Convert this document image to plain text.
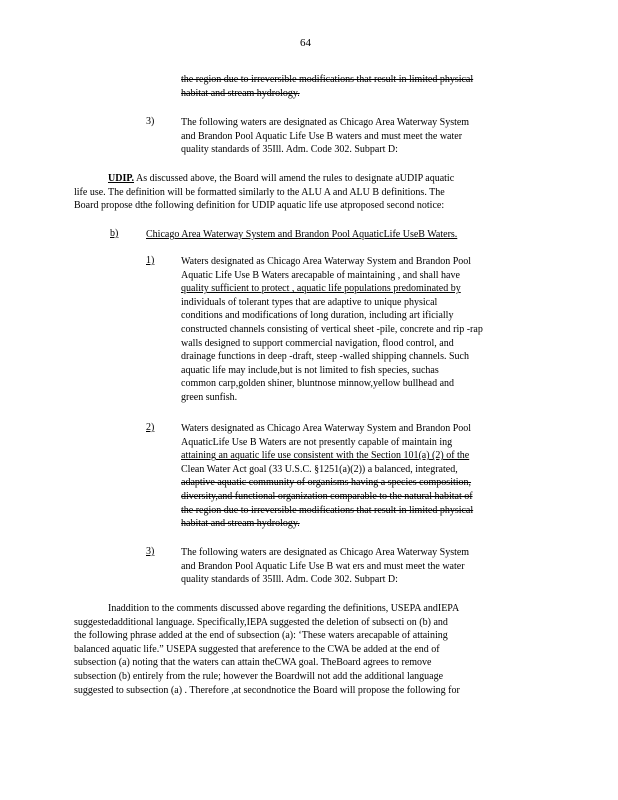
64
the region due to irreversible modifications that result in limited physical
habitat and stream hydrology.
3)	The following waters are designated as Chicago Area Waterway System
and Brandon Pool Aquatic Life Use B waters and must meet the water
quality standards of 35Ill. Adm. Code 302. Subpart D:
UDIP. As discussed above, the Board will amend the rules to designate aUDIP aquatic
life use. The definition will be formatted similarly to the ALU A and ALU B definitions. The
Board propose dthe following definition for UDIP aquatic life use atproposed second notice:
b)	Chicago Area Waterway System and Brandon Pool AquaticLife UseB Waters.
1)	Waters designated as Chicago Area Waterway System and Brandon Pool
Aquatic Life Use B Waters arecapable of maintaining , and shall have
quality sufficient to protect , aquatic life populations predominated by
individuals of tolerant types that are adaptive to unique physical
conditions and modifications of long duration, including art ificially
constructed channels consisting of vertical sheet -pile, concrete and rip -rap
walls designed to support commercial navigation, flood control, and
drainage functions in deep -draft, steep -walled shipping channels. Such
aquatic life may include,but is not limited to fish species, suchas
common carp,golden shiner, bluntnose minnow,yellow bullhead and
green sunfish.
2)	Waters designated as Chicago Area Waterway System and Brandon Pool
AquaticLife Use B Waters are not presently capable of maintain ing
attaining an aquatic life use consistent with the Section 101(a) (2) of the
Clean Water Act goal (33 U.S.C. §1251(a)(2)) a balanced, integrated,
adaptive aquatic community of organisms having a species composition,
diversity,and functional organization comparable to the natural habitat of
the region due to irreversible modifications that result in limited physical
habitat and stream hydrology.
3)	The following waters are designated as Chicago Area Waterway System
and Brandon Pool Aquatic Life Use B wat ers and must meet the water
quality standards of 35Ill. Adm. Code 302. Subpart D:
Inaddition to the comments discussed above regarding the definitions, USEPA andIEPA
suggestedadditional language. Specifically,IEPA suggested the deletion of subsecti on (b) and
the following phrase added at the end of subsection (a): ‘These waters arecapable of attaining
balanced aquatic life.” USEPA suggested that areference to the CWA be added at the end of
subsection (a) noting that the waters can attain theCWA goal. TheBoard agrees to remove
subsection (b) entirely from the rule; however the Boardwill not add the additional language
suggested to subsection (a) . Therefore ,at secondnotice the Board will propose the following for
